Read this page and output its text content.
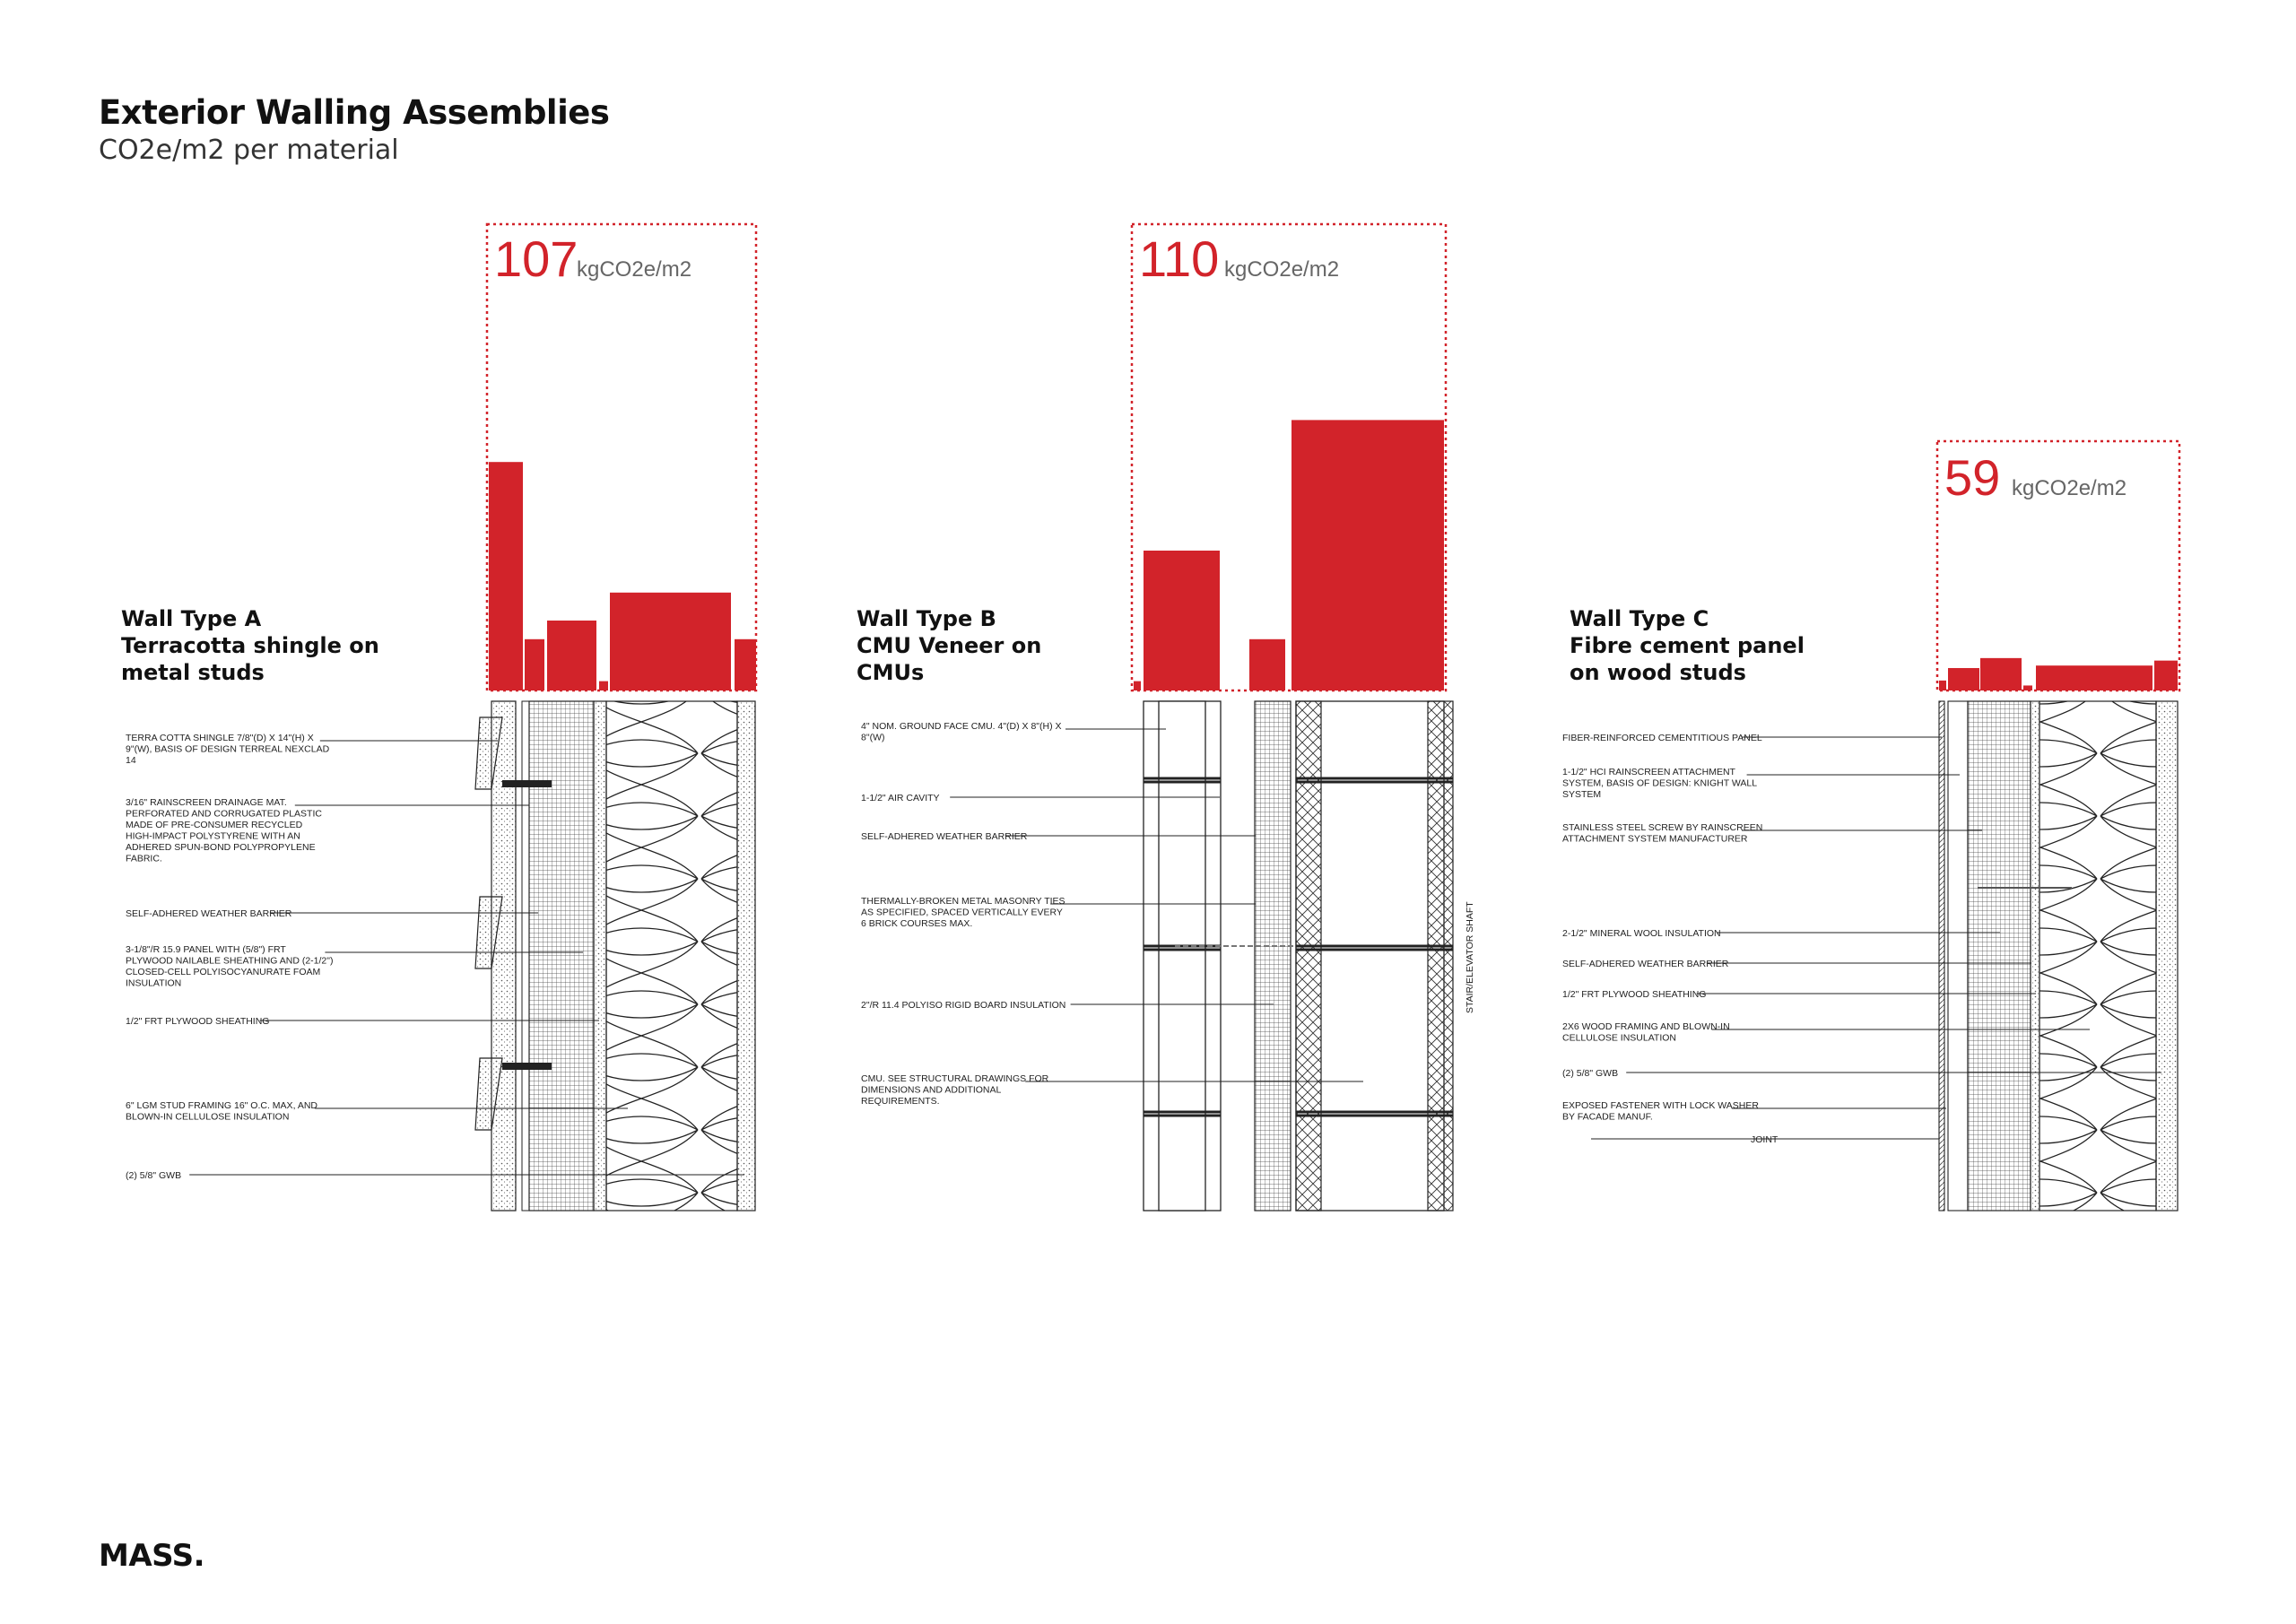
Exterior Walling Assemblies
CO2e/m2 per material
Wall Type A
Terracotta shingle on
metal studs
Wall Type B
CMU Veneer on
CMUs
Wall Type C
Fibre cement panel
on wood studs
107
kgCO2e/m2
TERRA COTTA SHINGLE 7/8"(D) X 14"(H) X
9"(W), BASIS OF DESIGN TERREAL NEXCLAD
14
3/16" RAINSCREEN DRAINAGE MAT.
PERFORATED AND CORRUGATED PLASTIC
MADE OF PRE-CONSUMER RECYCLED
HIGH-IMPACT POLYSTYRENE WITH AN
ADHERED SPUN-BOND POLYPROPYLENE
FABRIC.
SELF-ADHERED WEATHER BARRIER
3-1/8"/R 15.9 PANEL WITH (5/8") FRT
PLYWOOD NAILABLE SHEATHING AND (2-1/2")
CLOSED-CELL POLYISOCYANURATE FOAM
INSULATION
1/2" FRT PLYWOOD SHEATHING
6" LGM STUD FRAMING 16" O.C. MAX, AND
BLOWN-IN CELLULOSE INSULATION
(2) 5/8" GWB
110 kgCO2e/m2
4" NOM. GROUND FACE CMU. 4"(D) X 8"(H) X
8"(W)
1-1/2" AIR CAVITY
SELF-ADHERED WEATHER BARRIER
THERMALLY-BROKEN METAL MASONRY TIES
AS SPECIFIED, SPACED VERTICALLY EVERY
6 BRICK COURSES MAX.
2"/R 11.4 POLYISO RIGID BOARD INSULATION
CMU. SEE STRUCTURAL DRAWINGS FOR
DIMENSIONS AND ADDITIONAL
REQUIREMENTS.
STAIR/ELEVATOR SHAFT
59 kgCO2e/m2
FIBER-REINFORCED CEMENTITIOUS PANEL
1-1/2" HCI RAINSCREEN ATTACHMENT
SYSTEM, BASIS OF DESIGN: KNIGHT WALL
SYSTEM
STAINLESS STEEL SCREW BY RAINSCREEN
ATTACHMENT SYSTEM MANUFACTURER
2-1/2" MINERAL WOOL INSULATION
SELF-ADHERED WEATHER BARRIER
1/2" FRT PLYWOOD SHEATHING
2X6 WOOD FRAMING AND BLOWN-IN
CELLULOSE INSULATION
(2) 5/8" GWB
EXPOSED FASTENER WITH LOCK WASHER
BY FACADE MANUF.
JOINT
MASS.
